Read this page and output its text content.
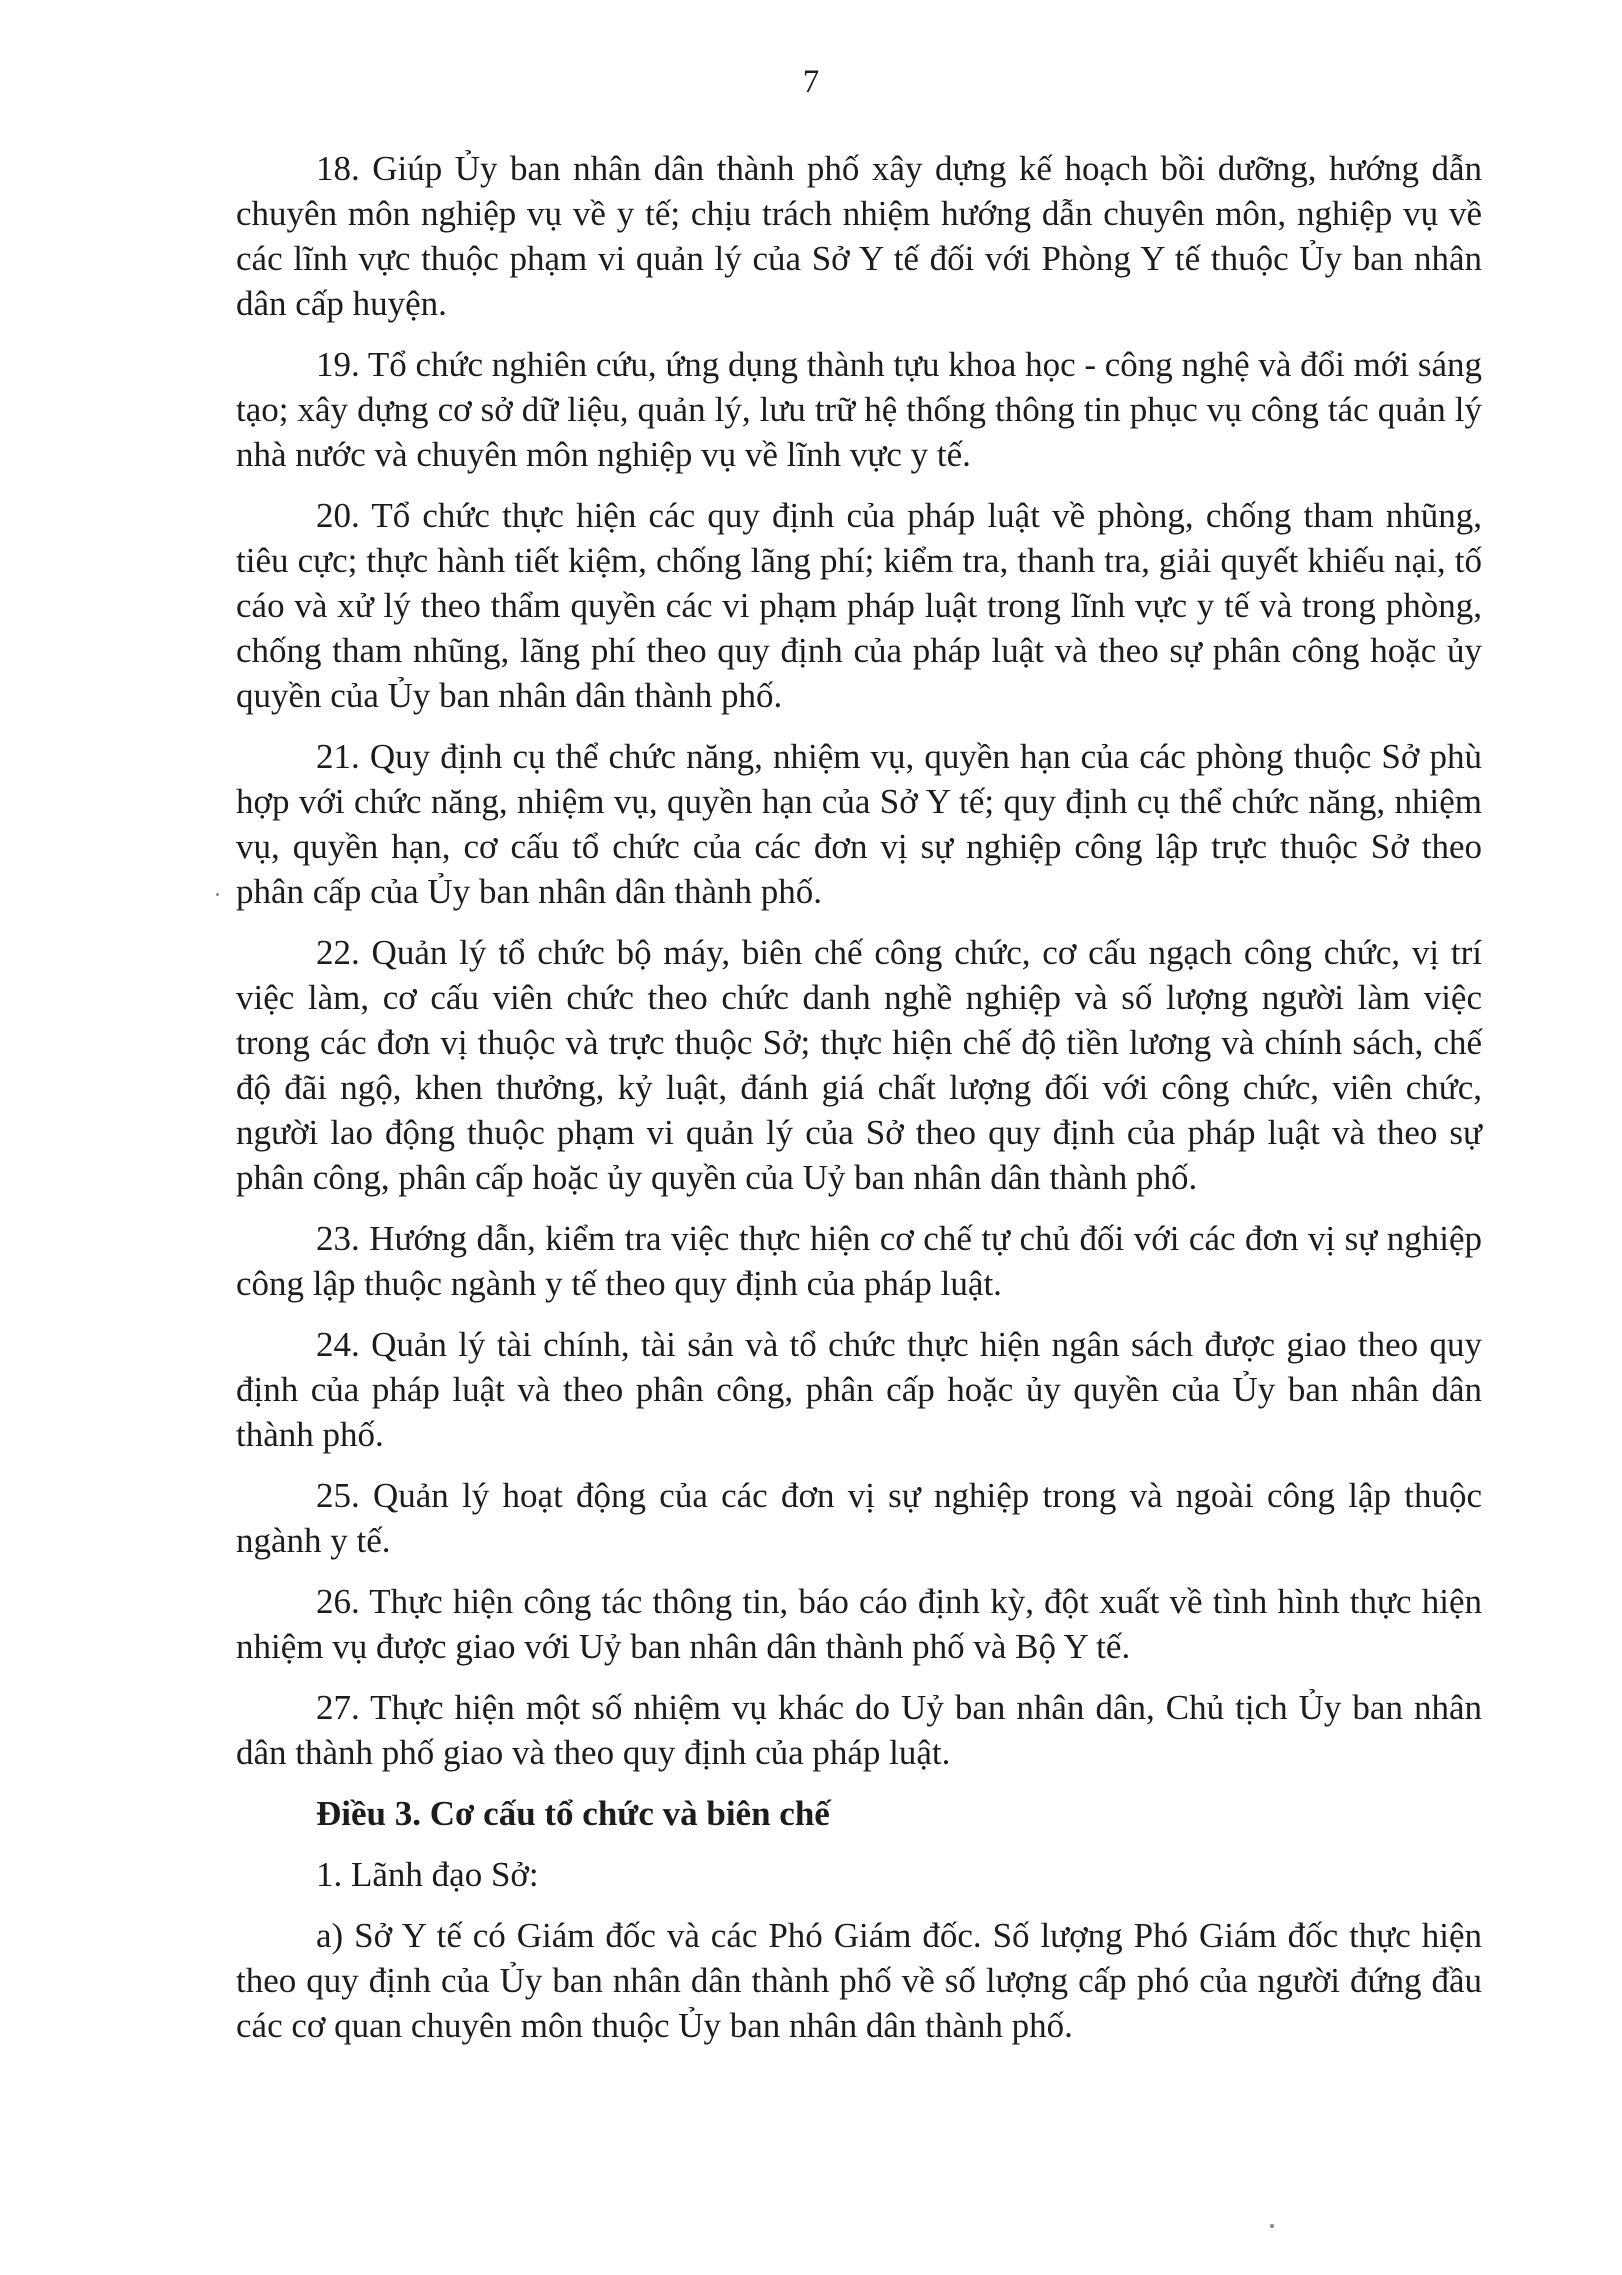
7

18. Giúp Ủy ban nhân dân thành phố xây dựng kế hoạch bồi dưỡng, hướng dẫn chuyên môn nghiệp vụ về y tế; chịu trách nhiệm hướng dẫn chuyên môn, nghiệp vụ về các lĩnh vực thuộc phạm vi quản lý của Sở Y tế đối với Phòng Y tế thuộc Ủy ban nhân dân cấp huyện.

19. Tổ chức nghiên cứu, ứng dụng thành tựu khoa học - công nghệ và đổi mới sáng tạo; xây dựng cơ sở dữ liệu, quản lý, lưu trữ hệ thống thông tin phục vụ công tác quản lý nhà nước và chuyên môn nghiệp vụ về lĩnh vực y tế.

20. Tổ chức thực hiện các quy định của pháp luật về phòng, chống tham nhũng, tiêu cực; thực hành tiết kiệm, chống lãng phí; kiểm tra, thanh tra, giải quyết khiếu nại, tố cáo và xử lý theo thẩm quyền các vi phạm pháp luật trong lĩnh vực y tế và trong phòng, chống tham nhũng, lãng phí theo quy định của pháp luật và theo sự phân công hoặc ủy quyền của Ủy ban nhân dân thành phố.

21. Quy định cụ thể chức năng, nhiệm vụ, quyền hạn của các phòng thuộc Sở phù hợp với chức năng, nhiệm vụ, quyền hạn của Sở Y tế; quy định cụ thể chức năng, nhiệm vụ, quyền hạn, cơ cấu tổ chức của các đơn vị sự nghiệp công lập trực thuộc Sở theo phân cấp của Ủy ban nhân dân thành phố.

22. Quản lý tổ chức bộ máy, biên chế công chức, cơ cấu ngạch công chức, vị trí việc làm, cơ cấu viên chức theo chức danh nghề nghiệp và số lượng người làm việc trong các đơn vị thuộc và trực thuộc Sở; thực hiện chế độ tiền lương và chính sách, chế độ đãi ngộ, khen thưởng, kỷ luật, đánh giá chất lượng đối với công chức, viên chức, người lao động thuộc phạm vi quản lý của Sở theo quy định của pháp luật và theo sự phân công, phân cấp hoặc ủy quyền của Uỷ ban nhân dân thành phố.

23. Hướng dẫn, kiểm tra việc thực hiện cơ chế tự chủ đối với các đơn vị sự nghiệp công lập thuộc ngành y tế theo quy định của pháp luật.

24. Quản lý tài chính, tài sản và tổ chức thực hiện ngân sách được giao theo quy định của pháp luật và theo phân công, phân cấp hoặc ủy quyền của Ủy ban nhân dân thành phố.

25. Quản lý hoạt động của các đơn vị sự nghiệp trong và ngoài công lập thuộc ngành y tế.

26. Thực hiện công tác thông tin, báo cáo định kỳ, đột xuất về tình hình thực hiện nhiệm vụ được giao với Uỷ ban nhân dân thành phố và Bộ Y tế.

27. Thực hiện một số nhiệm vụ khác do Uỷ ban nhân dân, Chủ tịch Ủy ban nhân dân thành phố giao và theo quy định của pháp luật.

Điều 3. Cơ cấu tổ chức và biên chế

1. Lãnh đạo Sở:

a) Sở Y tế có Giám đốc và các Phó Giám đốc. Số lượng Phó Giám đốc thực hiện theo quy định của Ủy ban nhân dân thành phố về số lượng cấp phó của người đứng đầu các cơ quan chuyên môn thuộc Ủy ban nhân dân thành phố.
